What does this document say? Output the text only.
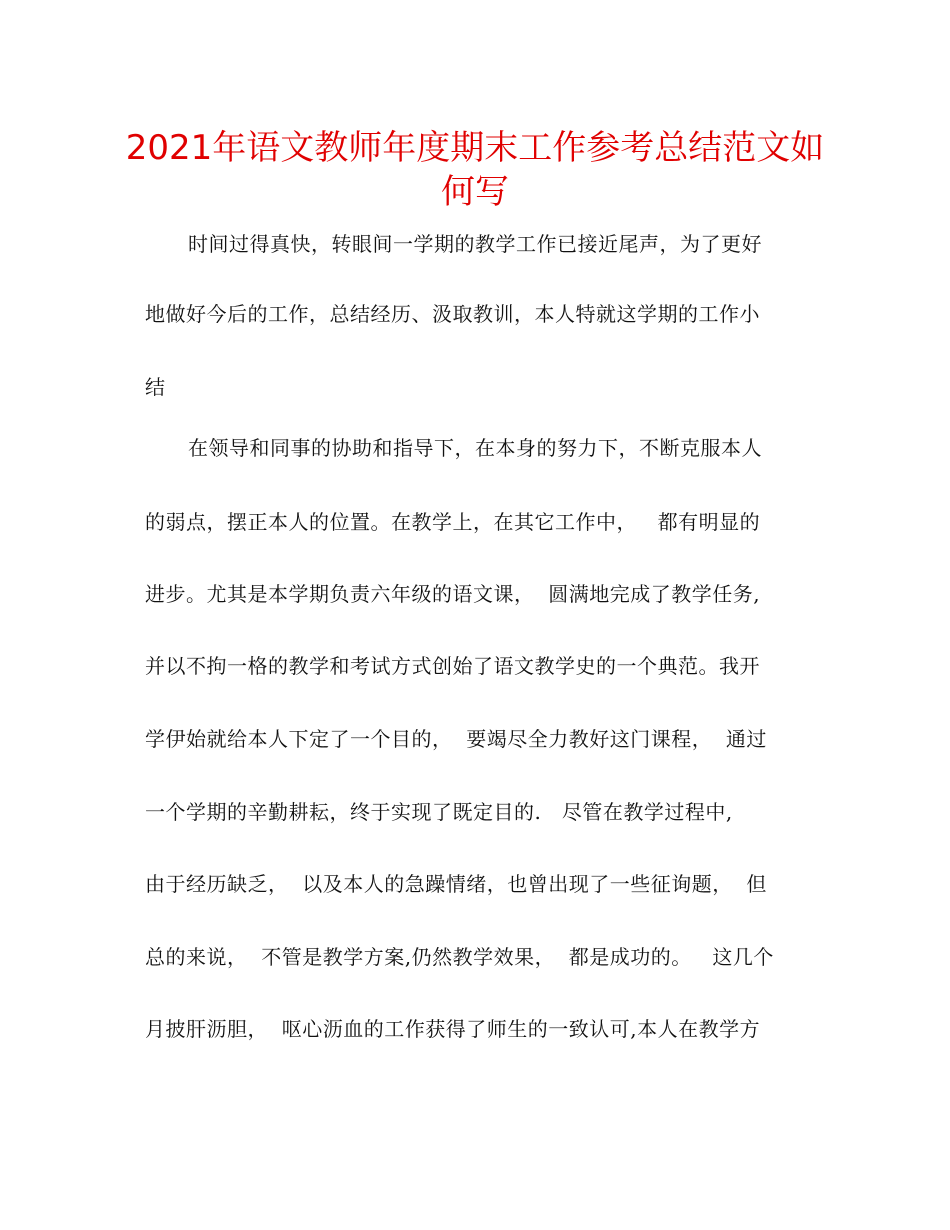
2021年语文教师年度期末工作参考总结范文如
何写
时间过得真快，转眼间一学期的教学工作已接近尾声，为了更好
地做好今后的工作，总结经历、汲取教训，本人特就这学期的工作小
结
在领导和同事的协助和指导下，在本身的努力下，不断克服本人
的弱点，摆正本人的位置。在教学上，在其它工作中，   都有明显的
进步。尤其是本学期负责六年级的语文课，  圆满地完成了教学任务,
并以不拘一格的教学和考试方式创始了语文教学史的一个典范。我开
学伊始就给本人下定了一个目的，  要竭尽全力教好这门课程，  通过
一个学期的辛勤耕耘，终于实现了既定目的.   尽管在教学过程中,
由于经历缺乏，  以及本人的急躁情绪，也曾出现了一些征询题，  但
总的来说，  不管是教学方案,仍然教学效果，  都是成功的。   这几个
月披肝沥胆，  呕心沥血的工作获得了师生的一致认可,本人在教学方
